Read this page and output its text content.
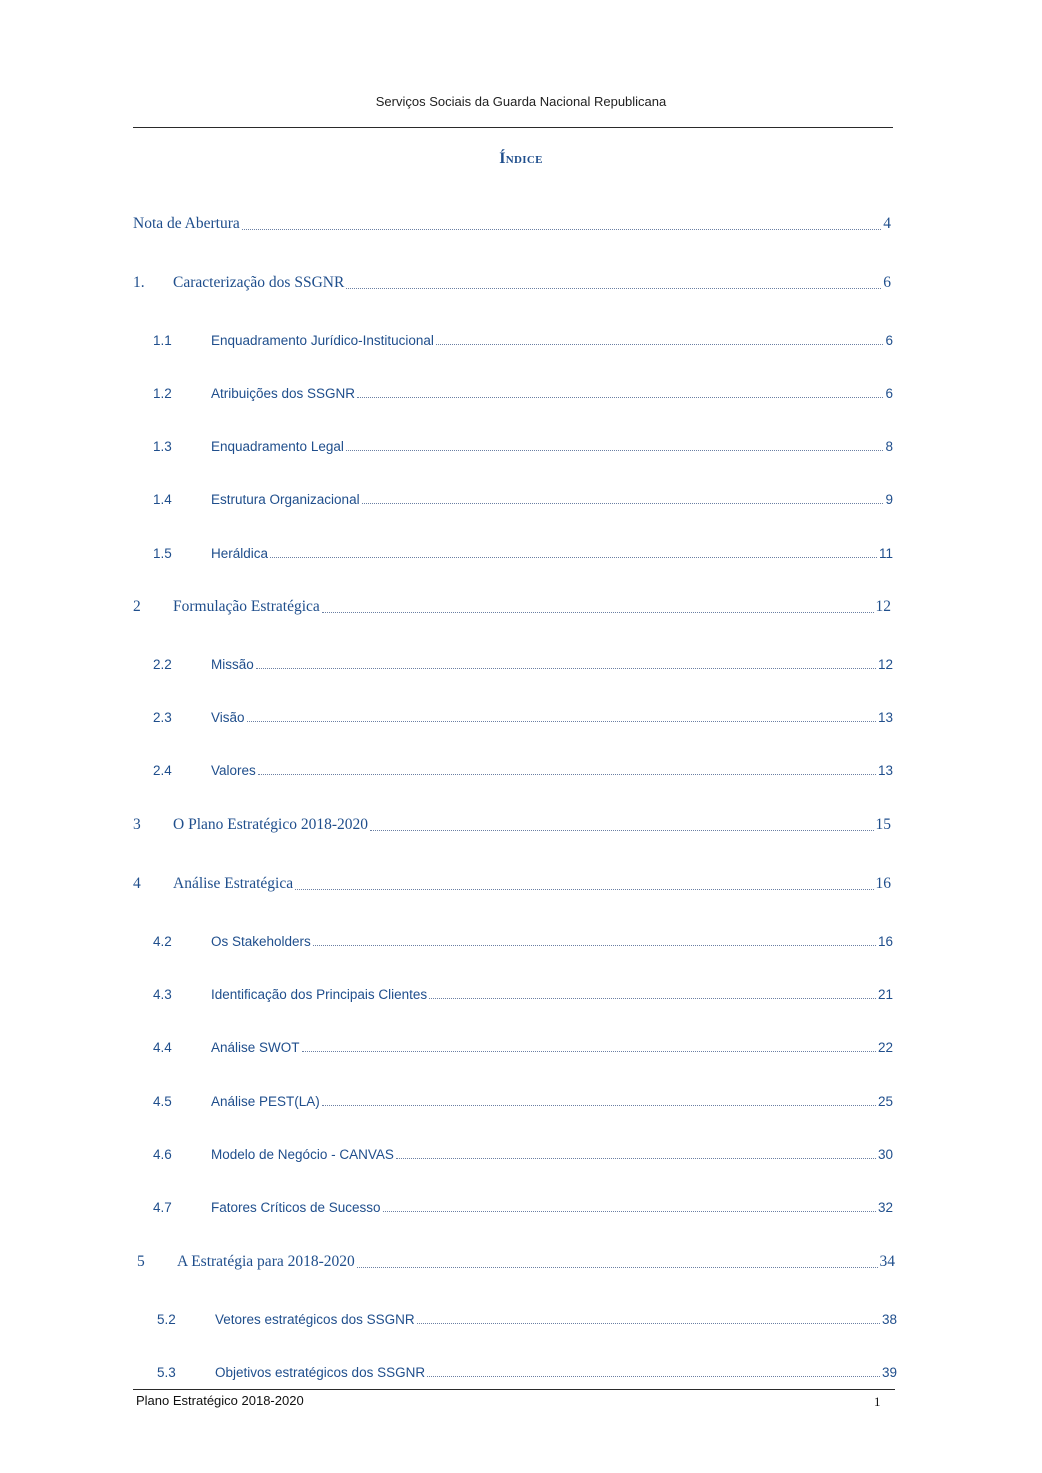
Serviços Sociais da Guarda Nacional Republicana
Índice
Nota de Abertura	4
1.	Caracterização dos SSGNR	6
1.1	Enquadramento Jurídico-Institucional	6
1.2	Atribuições dos SSGNR	6
1.3	Enquadramento Legal	8
1.4	Estrutura Organizacional	9
1.5	Heráldica	11
2	Formulação Estratégica	12
2.2	Missão	12
2.3	Visão	13
2.4	Valores	13
3	O Plano Estratégico 2018-2020	15
4	Análise Estratégica	16
4.2	Os Stakeholders	16
4.3	Identificação dos Principais Clientes	21
4.4	Análise SWOT	22
4.5	Análise PEST(LA)	25
4.6	Modelo de Negócio - CANVAS	30
4.7	Fatores Críticos de Sucesso	32
5	A Estratégia para 2018-2020	34
5.2	Vetores estratégicos dos SSGNR	38
5.3	Objetivos estratégicos dos SSGNR	39
Plano Estratégico 2018-2020	1
